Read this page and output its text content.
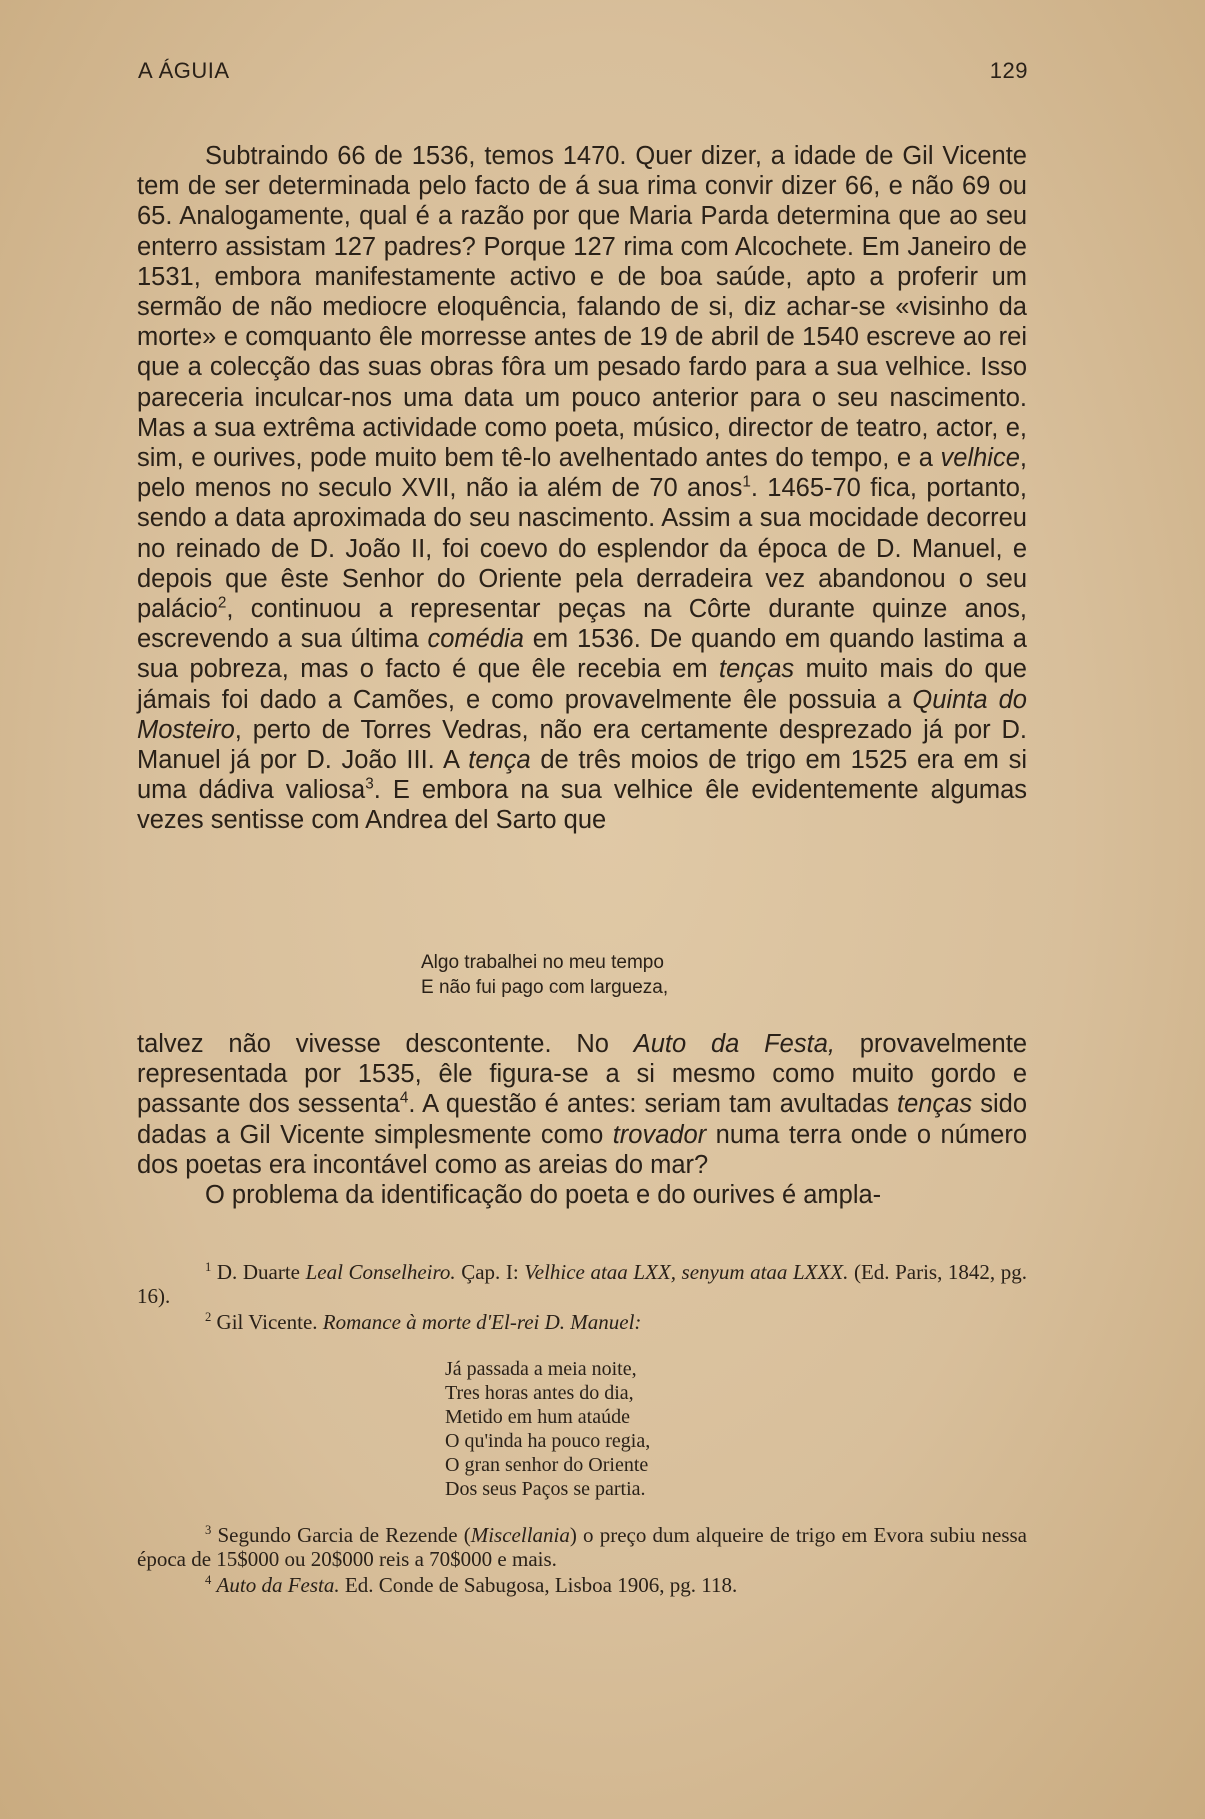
A ÁGUIA	129

Subtraindo 66 de 1536, temos 1470. Quer dizer, a idade de Gil Vicente tem de ser determinada pelo facto de á sua rima convir dizer 66, e não 69 ou 65. Analogamente, qual é a razão por que Maria Parda determina que ao seu enterro assistam 127 padres? Porque 127 rima com Alcochete. Em Janeiro de 1531, embora manifestamente activo e de boa saúde, apto a proferir um sermão de não mediocre eloquência, falando de si, diz achar-se «visinho da morte» e comquanto êle morresse antes de 19 de abril de 1540 escreve ao rei que a colecção das suas obras fôra um pesado fardo para a sua velhice. Isso pareceria inculcar-nos uma data um pouco anterior para o seu nascimento. Mas a sua extrêma actividade como poeta, músico, director de teatro, actor, e, sim, e ourives, pode muito bem tê-lo avelhentado antes do tempo, e a velhice, pelo menos no seculo XVII, não ia além de 70 anos$^1$. 1465-70 fica, portanto, sendo a data aproximada do seu nascimento. Assim a sua mocidade decorreu no reinado de D. João II, foi coevo do esplendor da época de D. Manuel, e depois que êste Senhor do Oriente pela derradeira vez abandonou o seu palácio$^2$, continuou a representar peças na Côrte durante quinze anos, escrevendo a sua última comédia em 1536. De quando em quando lastima a sua pobreza, mas o facto é que êle recebia em tenças muito mais do que jámais foi dado a Camões, e como provavelmente êle possuia a Quinta do Mosteiro, perto de Torres Vedras, não era certamente desprezado já por D. Manuel já por D. João III. A tença de três moios de trigo em 1525 era em si uma dádiva valiosa$^3$. E embora na sua velhice êle evidentemente algumas vezes sentisse com Andrea del Sarto que

Algo trabalhei no meu tempo
E não fui pago com largueza,

talvez não vivesse descontente. No Auto da Festa, provavelmente representada por 1535, êle figura-se a si mesmo como muito gordo e passante dos sessenta$^4$. A questão é antes: seriam tam avultadas tenças sido dadas a Gil Vicente simplesmente como trovador numa terra onde o número dos poetas era incontável como as areias do mar?

O problema da identificação do poeta e do ourives é ampla-

$^1$ D. Duarte Leal Conselheiro. Çap. I: Velhice ataa LXX, senyum ataa LXXX. (Ed. Paris, 1842, pg. 16).

$^2$ Gil Vicente. Romance à morte d'El-rei D. Manuel:

Já passada a meia noite,
Tres horas antes do dia,
Metido em hum ataúde
O qu'inda ha pouco regia,
O gran senhor do Oriente
Dos seus Paços se partia.

$^3$ Segundo Garcia de Rezende (Miscellania) o preço dum alqueire de trigo em Evora subiu nessa época de 15$000 ou 20$000 reis a 70$000 e mais.

$^4$ Auto da Festa. Ed. Conde de Sabugosa, Lisboa 1906, pg. 118.
